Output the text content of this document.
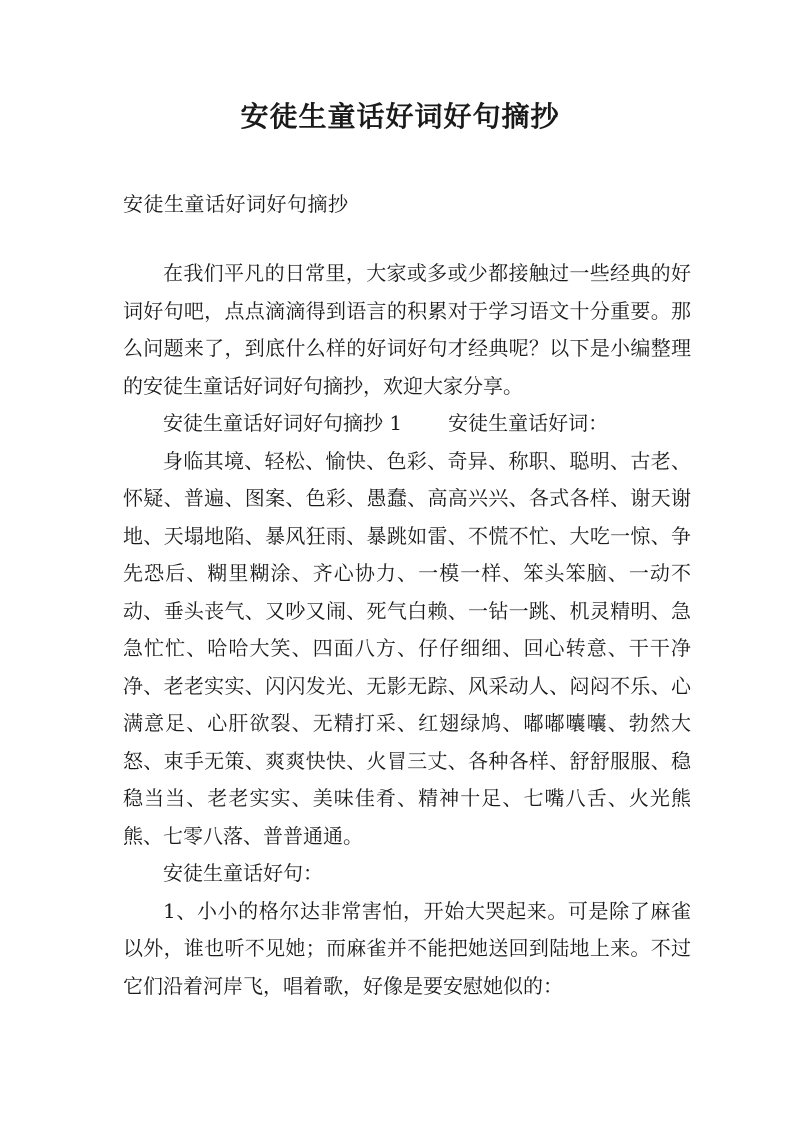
安徒生童话好词好句摘抄

安徒生童话好词好句摘抄

在我们平凡的日常里，大家或多或少都接触过一些经典的好词好句吧，点点滴滴得到语言的积累对于学习语文十分重要。那么问题来了，到底什么样的好词好句才经典呢？以下是小编整理的安徒生童话好词好句摘抄，欢迎大家分享。

安徒生童话好词好句摘抄 1 安徒生童话好词：

身临其境、轻松、愉快、色彩、奇异、称职、聪明、古老、怀疑、普遍、图案、色彩、愚蠢、高高兴兴、各式各样、谢天谢地、天塌地陷、暴风狂雨、暴跳如雷、不慌不忙、大吃一惊、争先恐后、糊里糊涂、齐心协力、一模一样、笨头笨脑、一动不动、垂头丧气、又吵又闹、死气白赖、一钻一跳、机灵精明、急急忙忙、哈哈大笑、四面八方、仔仔细细、回心转意、干干净净、老老实实、闪闪发光、无影无踪、风采动人、闷闷不乐、心满意足、心肝欲裂、无精打采、红翅绿鸠、嘟嘟囔囔、勃然大怒、束手无策、爽爽快快、火冒三丈、各种各样、舒舒服服、稳稳当当、老老实实、美味佳肴、精神十足、七嘴八舌、火光熊熊、七零八落、普普通通。

安徒生童话好句：

1、小小的格尔达非常害怕，开始大哭起来。可是除了麻雀以外，谁也听不见她；而麻雀并不能把她送回到陆地上来。不过它们沿着河岸飞，唱着歌，好像是要安慰她似的：
